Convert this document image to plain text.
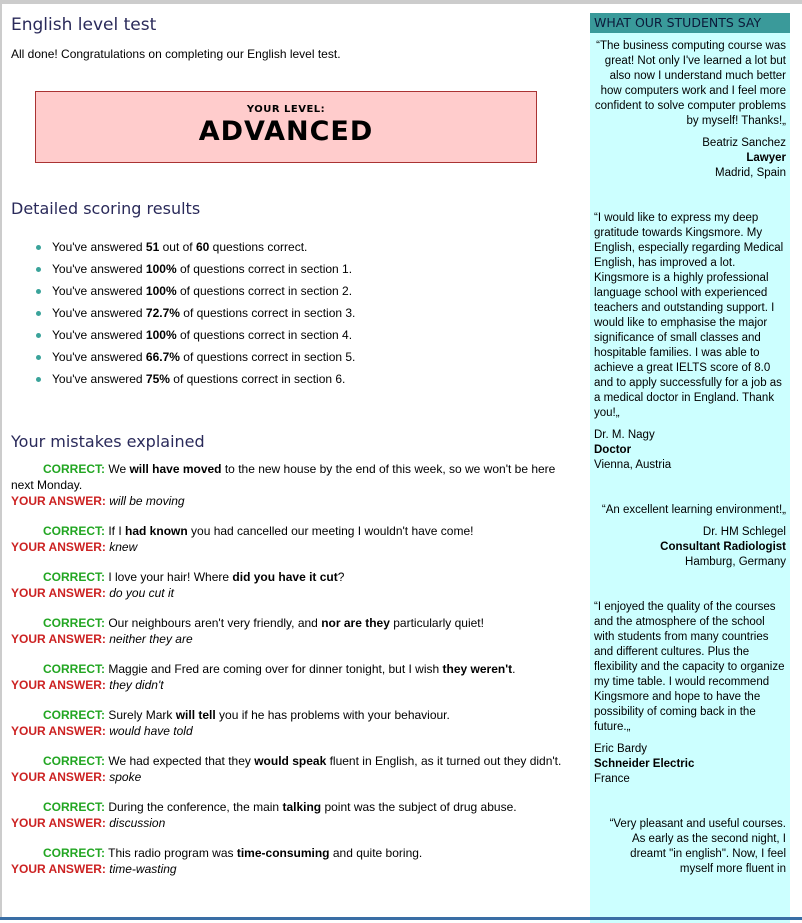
English level test
All done! Congratulations on completing our English level test.
YOUR LEVEL:
ADVANCED
Detailed scoring results
You've answered 51 out of 60 questions correct.
You've answered 100% of questions correct in section 1.
You've answered 100% of questions correct in section 2.
You've answered 72.7% of questions correct in section 3.
You've answered 100% of questions correct in section 4.
You've answered 66.7% of questions correct in section 5.
You've answered 75% of questions correct in section 6.
Your mistakes explained
CORRECT: We will have moved to the new house by the end of this week, so we won't be here next Monday.
YOUR ANSWER: will be moving
CORRECT: If I had known you had cancelled our meeting I wouldn't have come!
YOUR ANSWER: knew
CORRECT: I love your hair! Where did you have it cut?
YOUR ANSWER: do you cut it
CORRECT: Our neighbours aren't very friendly, and nor are they particularly quiet!
YOUR ANSWER: neither they are
CORRECT: Maggie and Fred are coming over for dinner tonight, but I wish they weren't.
YOUR ANSWER: they didn't
CORRECT: Surely Mark will tell you if he has problems with your behaviour.
YOUR ANSWER: would have told
CORRECT: We had expected that they would speak fluent in English, as it turned out they didn't.
YOUR ANSWER: spoke
CORRECT: During the conference, the main talking point was the subject of drug abuse.
YOUR ANSWER: discussion
CORRECT: This radio program was time-consuming and quite boring.
YOUR ANSWER: time-wasting
WHAT OUR STUDENTS SAY
“The business computing course was great! Not only I've learned a lot but also now I understand much better how computers work and I feel more confident to solve computer problems by myself! Thanks!„
Beatriz Sanchez
Lawyer
Madrid, Spain
“I would like to express my deep gratitude towards Kingsmore. My English, especially regarding Medical English, has improved a lot. Kingsmore is a highly professional language school with experienced teachers and outstanding support. I would like to emphasise the major significance of small classes and hospitable families. I was able to achieve a great IELTS score of 8.0 and to apply successfully for a job as a medical doctor in England. Thank you!„
Dr. M. Nagy
Doctor
Vienna, Austria
“An excellent learning environment!„
Dr. HM Schlegel
Consultant Radiologist
Hamburg, Germany
“I enjoyed the quality of the courses and the atmosphere of the school with students from many countries and different cultures. Plus the flexibility and the capacity to organize my time table. I would recommend Kingsmore and hope to have the possibility of coming back in the future.„
Eric Bardy
Schneider Electric
France
“Very pleasant and useful courses. As early as the second night, I dreamt "in english". Now, I feel myself more fluent in
